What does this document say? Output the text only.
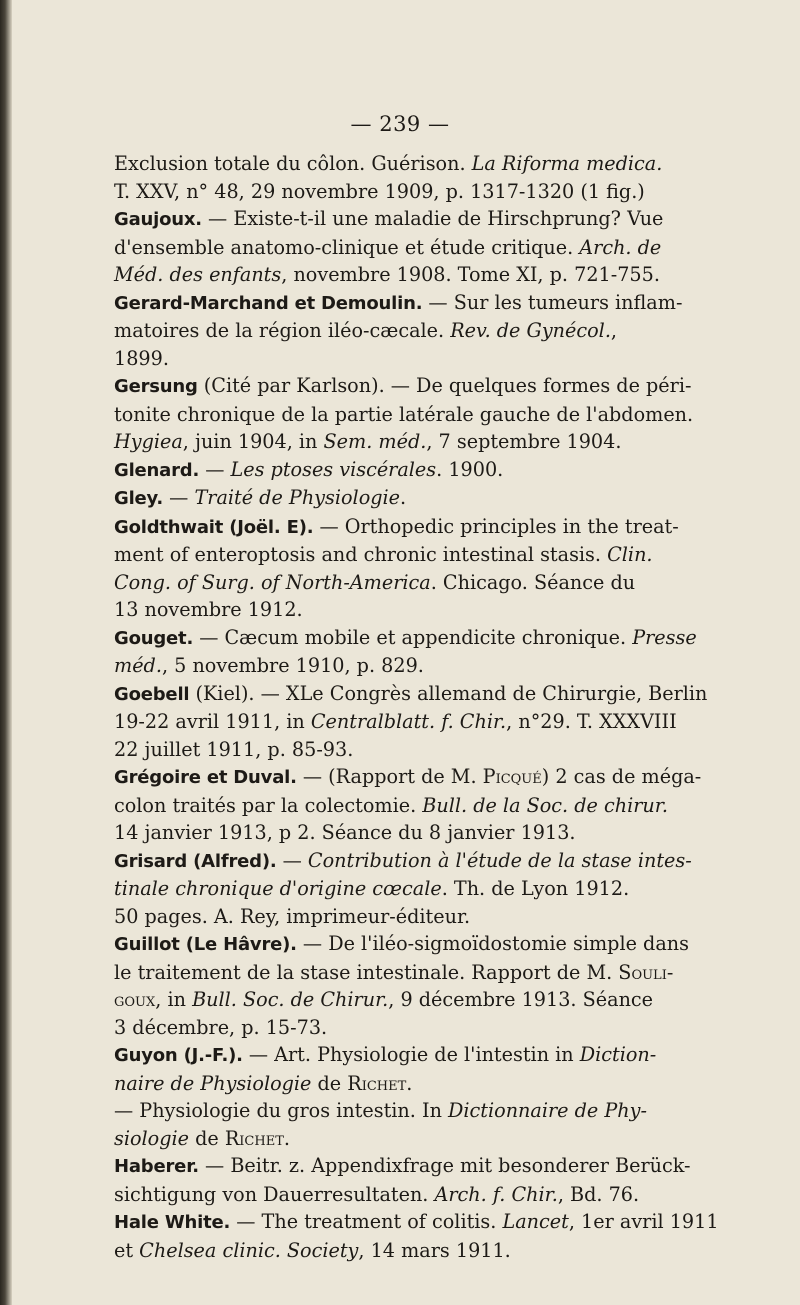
— 239 —

Exclusion totale du côlon. Guérison. La Riforma medica.
T. XXV, n° 48, 29 novembre 1909, p. 1317-1320 (1 fig.)

Gaujoux. — Existe-t-il une maladie de Hirschprung? Vue
d'ensemble anatomo-clinique et étude critique. Arch. de
Méd. des enfants, novembre 1908. Tome XI, p. 721-755.

Gerard-Marchand et Demoulin. — Sur les tumeurs inflam-
matoires de la région iléo-cæcale. Rev. de Gynécol.,
1899.

Gersung (Cité par Karlson). — De quelques formes de péri-
tonite chronique de la partie latérale gauche de l'abdomen.
Hygiea, juin 1904, in Sem. méd., 7 septembre 1904.

Glenard. — Les ptoses viscérales. 1900.

Gley. — Traité de Physiologie.

Goldthwait (Joël. E). — Orthopedic principles in the treat-
ment of enteroptosis and chronic intestinal stasis. Clin.
Cong. of Surg. of North-America. Chicago. Séance du
13 novembre 1912.

Gouget. — Cæcum mobile et appendicite chronique. Presse
méd., 5 novembre 1910, p. 829.

Goebell (Kiel). — XLe Congrès allemand de Chirurgie, Berlin
19-22 avril 1911, in Centralblatt. f. Chir., n°29. T. XXXVIII
22 juillet 1911, p. 85-93.

Grégoire et Duval. — (Rapport de M. Picqué) 2 cas de méga-
colon traités par la colectomie. Bull. de la Soc. de chirur.
14 janvier 1913, p 2. Séance du 8 janvier 1913.

Grisard (Alfred). — Contribution à l'étude de la stase intes-
tinale chronique d'origine cœcale. Th. de Lyon 1912.
50 pages. A. Rey, imprimeur-éditeur.

Guillot (Le Hâvre). — De l'iléo-sigmoïdostomie simple dans
le traitement de la stase intestinale. Rapport de M. Souli-
goux, in Bull. Soc. de Chirur., 9 décembre 1913. Séance
3 décembre, p. 15-73.

Guyon (J.-F.). — Art. Physiologie de l'intestin in Diction-
naire de Physiologie de Richet.
— Physiologie du gros intestin. In Dictionnaire de Phy-
siologie de Richet.

Haberer. — Beitr. z. Appendixfrage mit besonderer Berück-
sichtigung von Dauerresultaten. Arch. f. Chir., Bd. 76.

Hale White. — The treatment of colitis. Lancet, 1er avril 1911
et Chelsea clinic. Society, 14 mars 1911.
